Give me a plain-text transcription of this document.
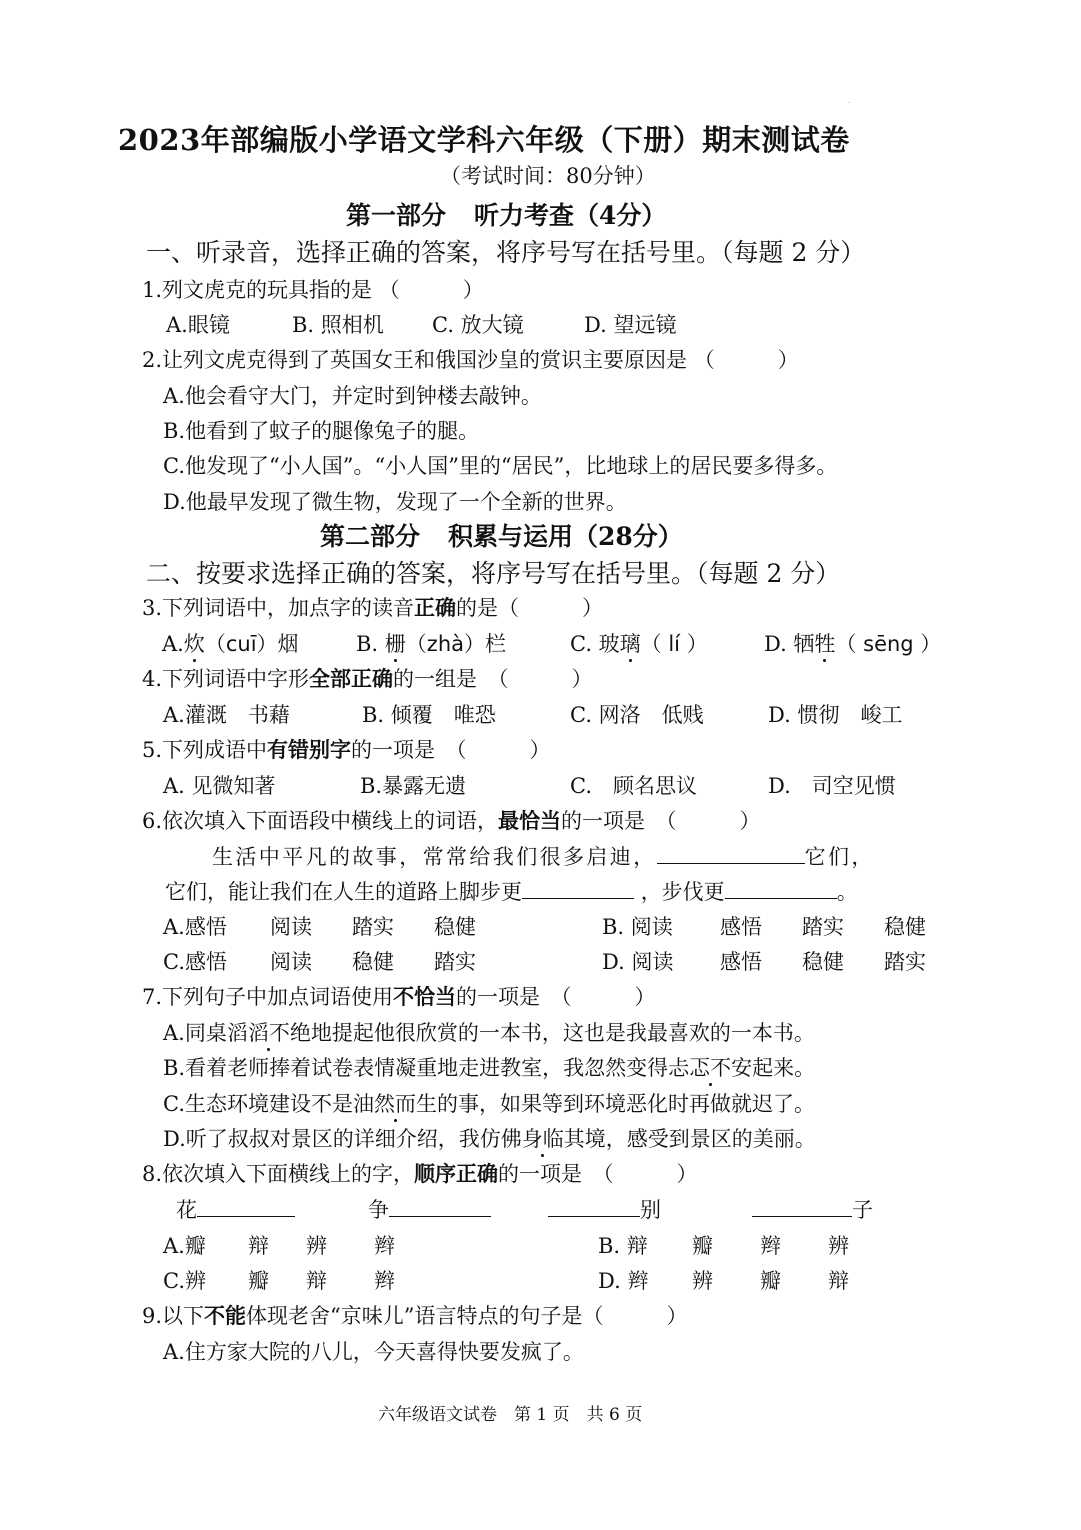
·
2023年部编版小学语文学科六年级（下册）期末测试卷
（考试时间：80分钟）
第一部分 听力考查（4分）
一、听录音，选择正确的答案，将序号写在括号里。（每题 2 分）
1.列文虎克的玩具指的是 （　　　）
A.眼镜	B. 照相机 C. 放大镜	D. 望远镜
2.让列文虎克得到了英国女王和俄国沙皇的赏识主要原因是 （　　　）
A.他会看守大门，并定时到钟楼去敲钟。
B.他看到了蚊子的腿像兔子的腿。
C.他发现了“小人国”。“小人国”里的“居民”，比地球上的居民要多得多。
D.他最早发现了微生物，发现了一个全新的世界。
第二部分 积累与运用（28分）
二、按要求选择正确的答案，将序号写在括号里。（每题 2 分）
3.下列词语中，加点字的读音正确的是（　　　）
A.炊（cuī）烟	B. 栅（zhà）栏	C. 玻璃（ lí ）	D. 牺牲（ sēng ）
4.下列词语中字形全部正确的一组是　（　　　）
A.灌溉　书藉	B. 倾覆　唯恐	C. 网洛　低贱	D. 惯彻　峻工
5.下列成语中有错别字的一项是　（　　　）
A. 见微知著	B.暴露无遗	C.　顾名思议	D.　司空见惯
6.依次填入下面语段中横线上的词语，最恰当的一项是　（　　　）
生活中平凡的故事，常常给我们很多启迪，	它们，
它们，能让我们在人生的道路上脚步更	，步伐更	。
A.感悟 阅读 踏实 稳健	B. 阅读 感悟 踏实 稳健
C.感悟 阅读 稳健 踏实	D. 阅读 感悟 稳健 踏实
7.下列句子中加点词语使用不恰当的一项是　（　　　）
A.同桌滔滔不绝地提起他很欣赏的一本书，这也是我最喜欢的一本书。
B.看着老师捧着试卷表情凝重地走进教室，我忽然变得忐忑不安起来。
C.生态环境建设不是油然而生的事，如果等到环境恶化时再做就迟了。
D.听了叔叔对景区的详细介绍，我仿佛身临其境，感受到景区的美丽。
8.依次填入下面横线上的字，顺序正确的一项是　（　　　）
花	争	别	子
A.瓣 辩 辨 辫	B. 辩 瓣 辫 辨
C.辨 瓣 辩 辫	D. 辫 辨 瓣 辩
9.以下不能体现老舍“京味儿”语言特点的句子是（　　　）
A.住方家大院的八儿，今天喜得快要发疯了。
六年级语文试卷　第 1 页　共 6 页
